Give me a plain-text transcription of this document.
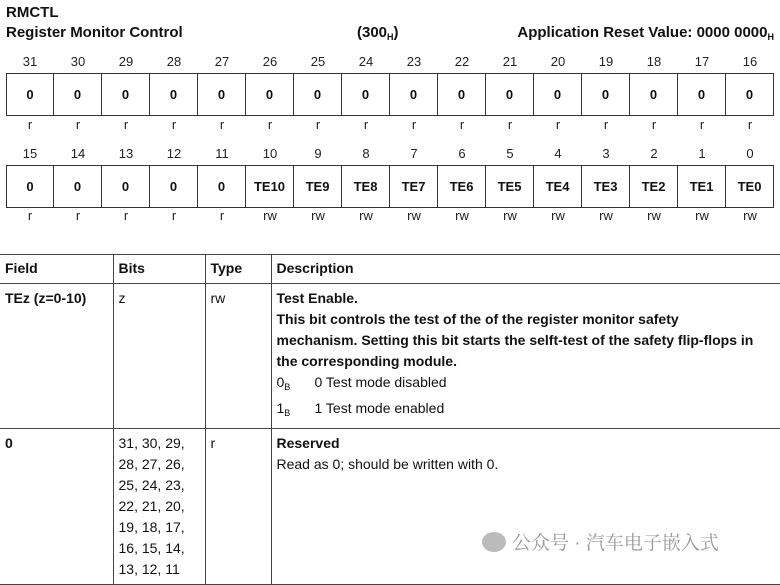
RMCTL
Register Monitor Control	$(300_H)$	Application Reset Value: 0000 $0000_H$
31	30	29	28	27	26	25	24	23	22	21	20	19	18	17	16
0	0	0	0	0	0	0	0	0	0	0	0	0	0	0	0
r	r	r	r	r	r	r	r	r	r	r	r	r	r	r	r
15	14	13	12	11	10	9	8	7	6	5	4	3	2	1	0
0	0	0	0	0	TE10	TE9	TE8	TE7	TE6	TE5	TE4	TE3	TE2	TE1	TE0
r	r	r	r	r	rw	rw	rw	rw	rw	rw	rw	rw	rw	rw	rw
Field	Bits	Type	Description
TEz (z=0-10)	z	rw	Test Enable.
This bit controls the test of the of the register monitor safety mechanism. Setting this bit starts the selft-test of the safety flip-flops in the corresponding module.
$0_B$ 0 Test mode disabled
$1_B$ 1 Test mode enabled

0	31, 30, 29, 28, 27, 26, 25, 24, 23, 22, 21, 20, 19, 18, 17, 16, 15, 14, 13, 12, 11	r	Reserved
Read as 0; should be written with 0.
公众号 · 汽车电子嵌入式
